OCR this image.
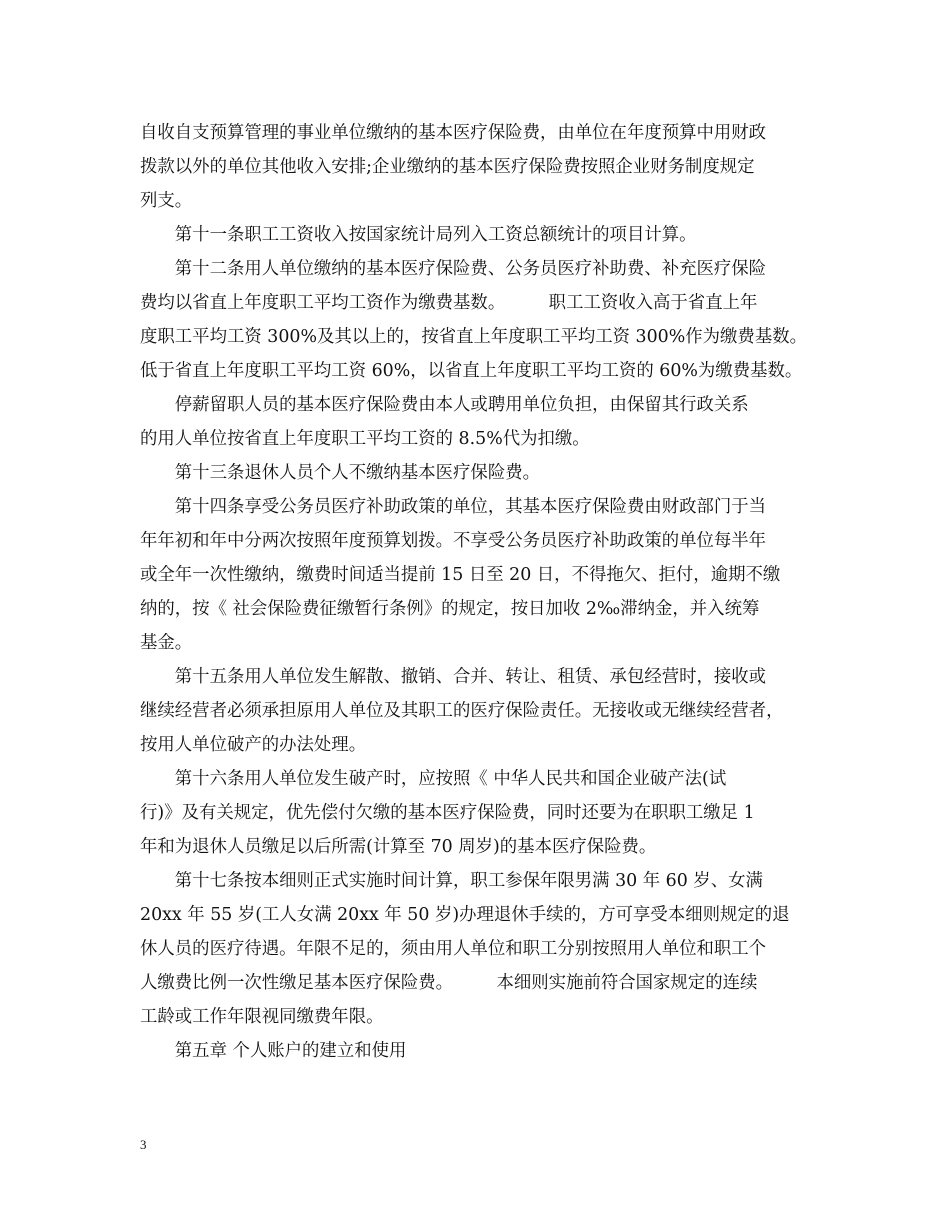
自收自支预算管理的事业单位缴纳的基本医疗保险费，由单位在年度预算中用财政
拨款以外的单位其他收入安排;企业缴纳的基本医疗保险费按照企业财务制度规定
列支。
　　第十一条职工工资收入按国家统计局列入工资总额统计的项目计算。
　　第十二条用人单位缴纳的基本医疗保险费、公务员医疗补助费、补充医疗保险
费均以省直上年度职工平均工资作为缴费基数。　　　职工工资收入高于省直上年
度职工平均工资 300%及其以上的，按省直上年度职工平均工资 300%作为缴费基数。
低于省直上年度职工平均工资 60%，以省直上年度职工平均工资的 60%为缴费基数。
　　停薪留职人员的基本医疗保险费由本人或聘用单位负担，由保留其行政关系
的用人单位按省直上年度职工平均工资的 8.5%代为扣缴。
　　第十三条退休人员个人不缴纳基本医疗保险费。
　　第十四条享受公务员医疗补助政策的单位，其基本医疗保险费由财政部门于当
年年初和年中分两次按照年度预算划拨。不享受公务员医疗补助政策的单位每半年
或全年一次性缴纳，缴费时间适当提前 15 日至 20 日，不得拖欠、拒付，逾期不缴
纳的，按《 社会保险费征缴暂行条例》的规定，按日加收 2‰滞纳金，并入统筹
基金。
　　第十五条用人单位发生解散、撤销、合并、转让、租赁、承包经营时，接收或
继续经营者必须承担原用人单位及其职工的医疗保险责任。无接收或无继续经营者，
按用人单位破产的办法处理。
　　第十六条用人单位发生破产时，应按照《 中华人民共和国企业破产法(试
行)》及有关规定，优先偿付欠缴的基本医疗保险费，同时还要为在职职工缴足 1
年和为退休人员缴足以后所需(计算至 70 周岁)的基本医疗保险费。
　　第十七条按本细则正式实施时间计算，职工参保年限男满 30 年 60 岁、女满
20xx 年 55 岁(工人女满 20xx 年 50 岁)办理退休手续的，方可享受本细则规定的退
休人员的医疗待遇。年限不足的，须由用人单位和职工分别按照用人单位和职工个
人缴费比例一次性缴足基本医疗保险费。　　　本细则实施前符合国家规定的连续
工龄或工作年限视同缴费年限。
　　第五章 个人账户的建立和使用
3
